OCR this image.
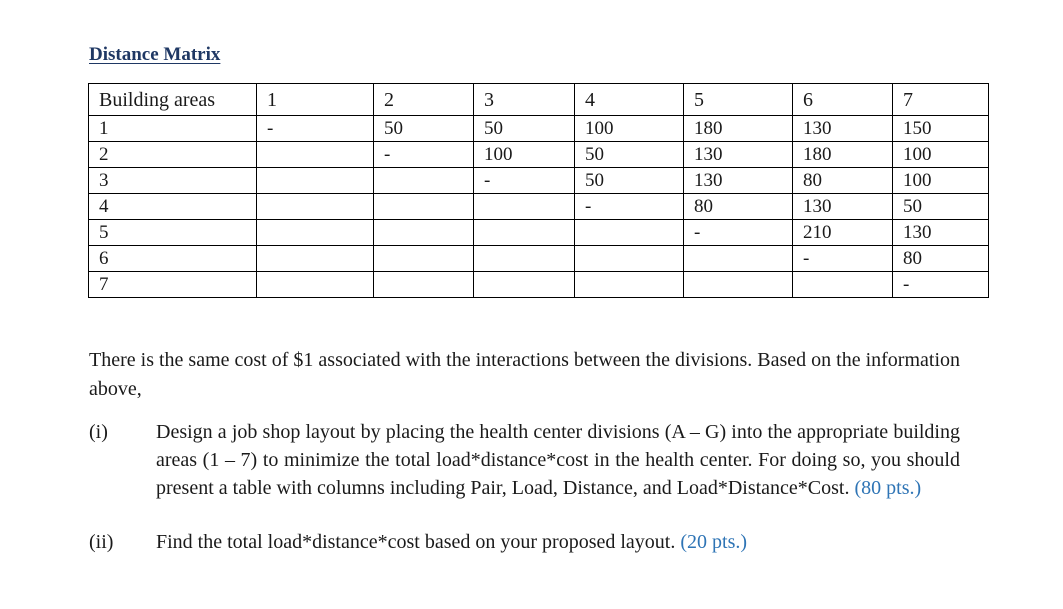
Distance Matrix
Building areas	1	2	3	4	5	6	7
1	-	50	50	100	180	130	150
2		-	100	50	130	180	100
3			-	50	130	80	100
4				-	80	130	50
5					-	210	130
6						-	80
7							-

There is the same cost of $1 associated with the interactions between the divisions. Based on the information above,

(i) Design a job shop layout by placing the health center divisions (A – G) into the appropriate building areas (1 – 7) to minimize the total load*distance*cost in the health center. For doing so, you should present a table with columns including Pair, Load, Distance, and Load*Distance*Cost. (80 pts.)
(ii) Find the total load*distance*cost based on your proposed layout. (20 pts.)
